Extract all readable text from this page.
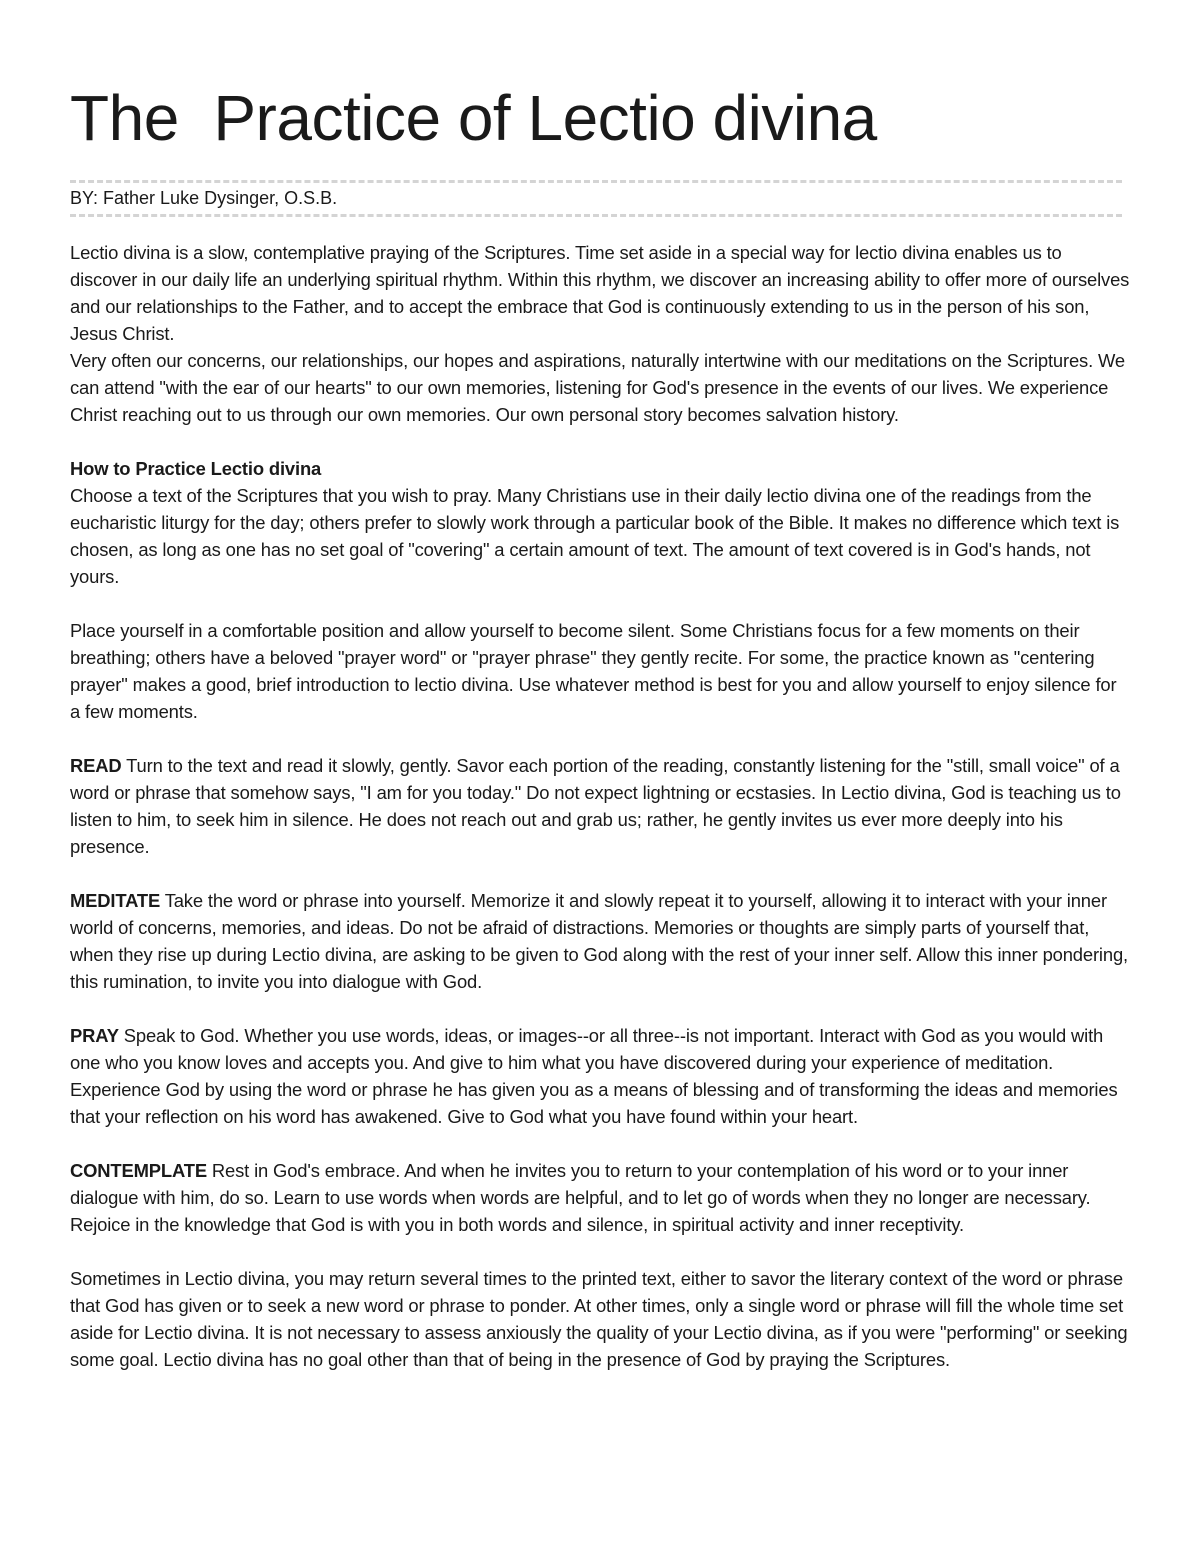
The  Practice of Lectio divina
BY: Father Luke Dysinger, O.S.B.

Lectio divina is a slow, contemplative praying of the Scriptures. Time set aside in a special way for lectio divina enables us to discover in our daily life an underlying spiritual rhythm. Within this rhythm, we discover an increasing ability to offer more of ourselves and our relationships to the Father, and to accept the embrace that God is continuously extending to us in the person of his son, Jesus Christ.

Very often our concerns, our relationships, our hopes and aspirations, naturally intertwine with our meditations on the Scriptures. We can attend "with the ear of our hearts" to our own memories, listening for God's presence in the events of our lives. We experience Christ reaching out to us through our own memories. Our own personal story becomes salvation history.

How to Practice Lectio divina

Choose a text of the Scriptures that you wish to pray. Many Christians use in their daily lectio divina one of the readings from the eucharistic liturgy for the day; others prefer to slowly work through a particular book of the Bible. It makes no difference which text is chosen, as long as one has no set goal of "covering" a certain amount of text. The amount of text covered is in God's hands, not yours.

Place yourself in a comfortable position and allow yourself to become silent. Some Christians focus for a few moments on their breathing; others have a beloved "prayer word" or "prayer phrase" they gently recite. For some, the practice known as "centering prayer" makes a good, brief introduction to lectio divina. Use whatever method is best for you and allow yourself to enjoy silence for a few moments.

READ Turn to the text and read it slowly, gently. Savor each portion of the reading, constantly listening for the "still, small voice" of a word or phrase that somehow says, "I am for you today." Do not expect lightning or ecstasies. In Lectio divina, God is teaching us to listen to him, to seek him in silence. He does not reach out and grab us; rather, he gently invites us ever more deeply into his presence.

MEDITATE Take the word or phrase into yourself. Memorize it and slowly repeat it to yourself, allowing it to interact with your inner world of concerns, memories, and ideas. Do not be afraid of distractions. Memories or thoughts are simply parts of yourself that, when they rise up during Lectio divina, are asking to be given to God along with the rest of your inner self. Allow this inner pondering, this rumination, to invite you into dialogue with God.

PRAY Speak to God. Whether you use words, ideas, or images--or all three--is not important. Interact with God as you would with one who you know loves and accepts you. And give to him what you have discovered during your experience of meditation. Experience God by using the word or phrase he has given you as a means of blessing and of transforming the ideas and memories that your reflection on his word has awakened. Give to God what you have found within your heart.

CONTEMPLATE Rest in God's embrace. And when he invites you to return to your contemplation of his word or to your inner dialogue with him, do so. Learn to use words when words are helpful, and to let go of words when they no longer are necessary. Rejoice in the knowledge that God is with you in both words and silence, in spiritual activity and inner receptivity.

Sometimes in Lectio divina, you may return several times to the printed text, either to savor the literary context of the word or phrase that God has given or to seek a new word or phrase to ponder. At other times, only a single word or phrase will fill the whole time set aside for Lectio divina. It is not necessary to assess anxiously the quality of your Lectio divina, as if you were "performing" or seeking some goal. Lectio divina has no goal other than that of being in the presence of God by praying the Scriptures.
